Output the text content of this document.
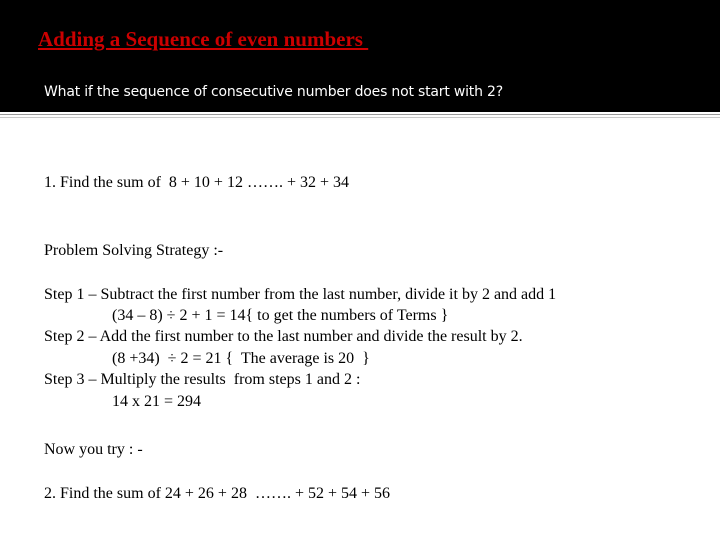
Adding a Sequence of even numbers
What if the sequence of consecutive number does not start with 2?
1. Find the sum of  8 + 10 + 12 ……. + 32 + 34
Problem Solving Strategy :-
Step 1 – Subtract the first number from the last number, divide it by 2 and add 1
(34 – 8) ÷ 2 + 1 = 14{ to get the numbers of Terms }
Step 2 – Add the first number to the last number and divide the result by 2.
(8 +34)  ÷ 2 = 21 {  The average is 20  }
Step 3 – Multiply the results  from steps 1 and 2 :
14 x 21 = 294
Now you try : -
2. Find the sum of 24 + 26 + 28  ……. + 52 + 54 + 56
